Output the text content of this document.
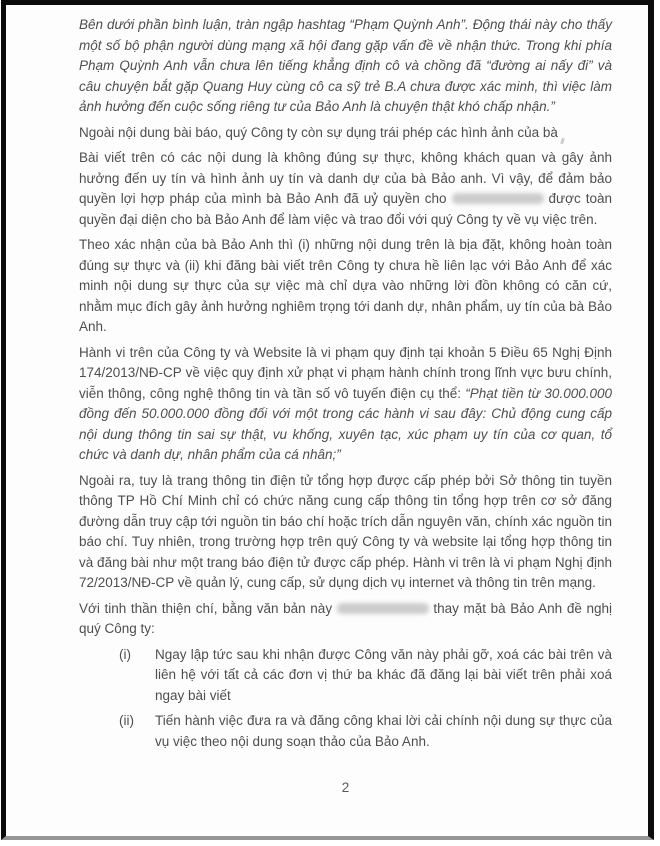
Bên dưới phần bình luận, tràn ngập hashtag “Phạm Quỳnh Anh”. Động thái này cho thấy một số bộ phận người dùng mạng xã hội đang gặp vấn đề về nhận thức. Trong khi phía Phạm Quỳnh Anh vẫn chưa lên tiếng khẳng định cô và chồng đã “đường ai nấy đi” và câu chuyện bắt gặp Quang Huy cùng cô ca sỹ trẻ B.A chưa được xác minh, thì việc làm ảnh hưởng đến cuộc sống riêng tư của Bảo Anh là chuyện thật khó chấp nhận.”

Ngoài nội dung bài báo, quý Công ty còn sự dụng trái phép các hình ảnh của bà

Bài viết trên có các nội dung là không đúng sự thực, không khách quan và gây ảnh hưởng đến uy tín và hình ảnh uy tín và danh dự của bà Bảo anh. Vì vậy, để đảm bảo quyền lợi hợp pháp của mình bà Bảo Anh đã uỷ quyền cho	được toàn quyền đại diện cho bà Bảo Anh để làm việc và trao đổi với quý Công ty về vụ việc trên.

Theo xác nhận của bà Bảo Anh thì (i) những nội dung trên là bịa đặt, không hoàn toàn đúng sự thực và (ii) khi đăng bài viết trên Công ty chưa hề liên lạc với Bảo Anh để xác minh nội dung sự thực của sự việc mà chỉ dựa vào những lời đồn không có căn cứ, nhằm mục đích gây ảnh hưởng nghiêm trọng tới danh dự, nhân phẩm, uy tín của bà Bảo Anh.

Hành vi trên của Công ty và Website là vi phạm quy định tại khoản 5 Điều 65 Nghị Định 174/2013/NĐ-CP về việc quy định xử phạt vi phạm hành chính trong lĩnh vực bưu chính, viễn thông, công nghệ thông tin và tần số vô tuyến điện cụ thể: “Phạt tiền từ 30.000.000 đồng đến 50.000.000 đồng đối với một trong các hành vi sau đây: Chủ động cung cấp nội dung thông tin sai sự thật, vu khống, xuyên tạc, xúc phạm uy tín của cơ quan, tổ chức và danh dự, nhân phẩm của cá nhân;”

Ngoài ra, tuy là trang thông tin điện tử tổng hợp được cấp phép bởi Sở thông tin tuyền thông TP Hồ Chí Minh chỉ có chức năng cung cấp thông tin tổng hợp trên cơ sở đăng đường dẫn truy cập tới nguồn tin báo chí hoặc trích dẫn nguyên văn, chính xác nguồn tin báo chí. Tuy nhiên, trong trường hợp trên quý Công ty và website lại tổng hợp thông tin và đăng bài như một trang báo điện tử được cấp phép. Hành vi trên là vi phạm Nghị định 72/2013/NĐ-CP về quản lý, cung cấp, sử dụng dịch vụ internet và thông tin trên mạng.

Với tinh thần thiện chí, bằng văn bản này	thay mặt bà Bảo Anh đề nghị quý Công ty:

(i)	Ngay lập tức sau khi nhận được Công văn này phải gỡ, xoá các bài trên và liên hệ với tất cả các đơn vị thứ ba khác đã đăng lại bài viết trên phải xoá ngay bài viết

(ii)	Tiến hành việc đưa ra và đăng công khai lời cải chính nội dung sự thực của vụ việc theo nội dung soạn thảo của Bảo Anh.

2
